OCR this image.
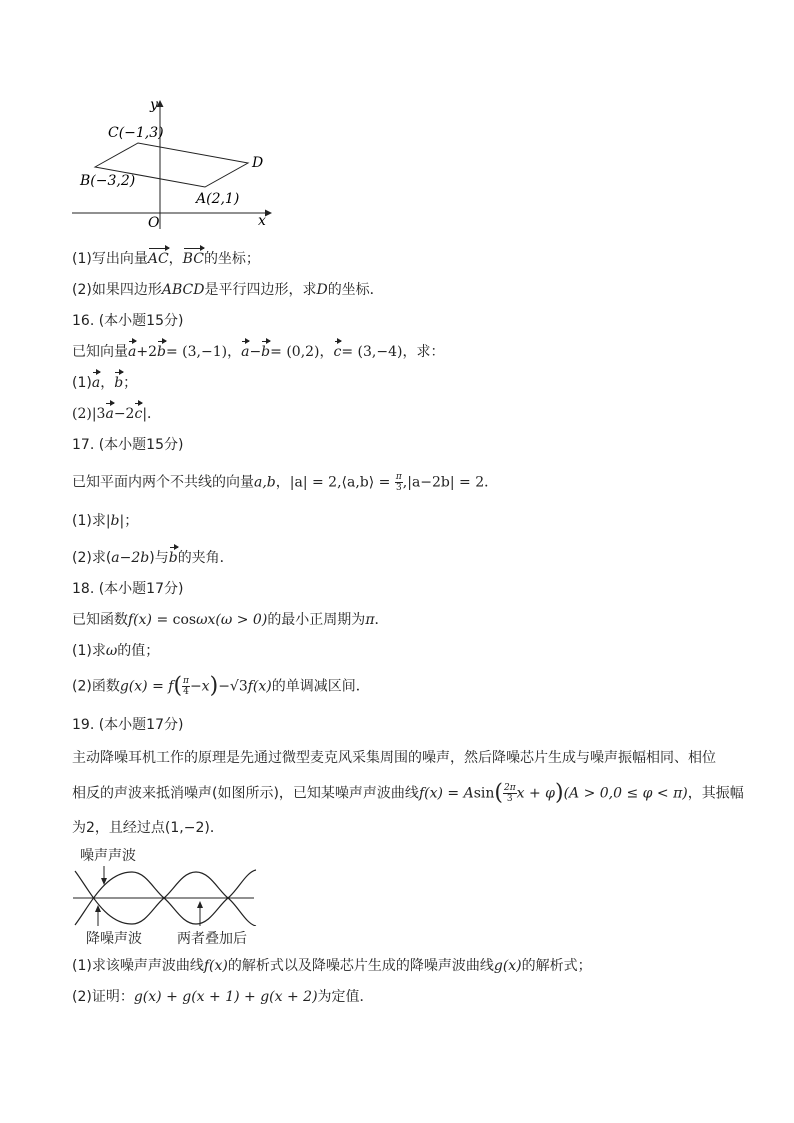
y
x
O
C(−1,3)
B(−3,2)
A(2,1)
D
(1)写出向量AC，BC的坐标；
(2)如果四边形ABCD是平行四边形，求D的坐标．
16. (本小题15分)
已知向量a+2b= (3,−1)，a−b= (0,2)，c= (3,−4)，求：
(1)a，b；
(2)|3a−2c|．
17. (本小题15分)
已知平面内两个不共线的向量a,b，|a| = 2,⟨a,b⟩ = $\frac{\pi}{3} ,|a-2b| = 2$．
(1)求|b|；
(2)求(a−2b)与b的夹角．
18. (本小题17分)
已知函数f(x) = cosωx(ω > 0)的最小正周期为π．
(1)求ω的值；
(2)函数$g(x) = f( \frac{\pi}{4} -x)-√3f(x)$的单调减区间．
19. (本小题17分)
主动降噪耳机工作的原理是先通过微型麦克风采集周围的噪声，然后降噪芯片生成与噪声振幅相同、相位
相反的声波来抵消噪声(如图所示)，已知某噪声声波曲线$f(x) = Asin( \frac{2\pi}{3}$ x + φ)(A > 0,0 ≤ φ < π)，其振幅
为2，且经过点(1,−2)．
噪声声波
降噪声波	两者叠加后
(1)求该噪声声波曲线f(x)的解析式以及降噪芯片生成的降噪声波曲线g(x)的解析式；
(2)证明：g(x) + g(x + 1) + g(x + 2)为定值．
